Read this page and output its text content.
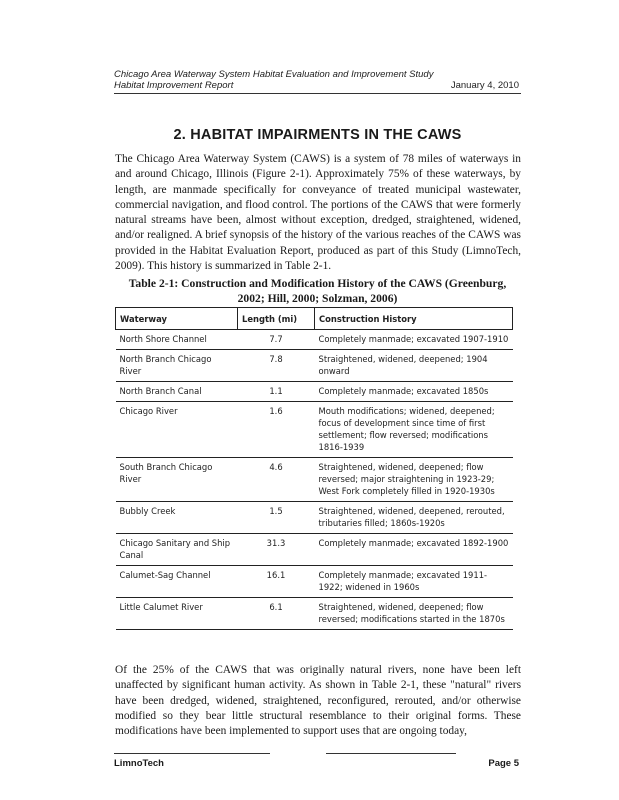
Chicago Area Waterway System Habitat Evaluation and Improvement Study
Habitat Improvement Report	January 4, 2010
2. HABITAT IMPAIRMENTS IN THE CAWS

The Chicago Area Waterway System (CAWS) is a system of 78 miles of waterways in and around Chicago, Illinois (Figure 2-1). Approximately 75% of these waterways, by length, are manmade specifically for conveyance of treated municipal wastewater, commercial navigation, and flood control. The portions of the CAWS that were formerly natural streams have been, almost without exception, dredged, straightened, widened, and/or realigned. A brief synopsis of the history of the various reaches of the CAWS was provided in the Habitat Evaluation Report, produced as part of this Study (LimnoTech, 2009). This history is summarized in Table 2-1.

Table 2-1: Construction and Modification History of the CAWS (Greenburg, 2002; Hill, 2000; Solzman, 2006)
Waterway	Length (mi)	Construction History
North Shore Channel	7.7	Completely manmade; excavated 1907-1910
North Branch Chicago River	7.8	Straightened, widened, deepened; 1904 onward
North Branch Canal	1.1	Completely manmade; excavated 1850s
Chicago River	1.6	Mouth modifications; widened, deepened; focus of development since time of first settlement; flow reversed; modifications 1816-1939
South Branch Chicago River	4.6	Straightened, widened, deepened; flow reversed; major straightening in 1923-29; West Fork completely filled in 1920-1930s
Bubbly Creek	1.5	Straightened, widened, deepened, rerouted, tributaries filled; 1860s-1920s
Chicago Sanitary and Ship Canal	31.3	Completely manmade; excavated 1892-1900
Calumet-Sag Channel	16.1	Completely manmade; excavated 1911-1922; widened in 1960s
Little Calumet River	6.1	Straightened, widened, deepened; flow reversed; modifications started in the 1870s

Of the 25% of the CAWS that was originally natural rivers, none have been left unaffected by significant human activity. As shown in Table 2-1, these "natural" rivers have been dredged, widened, straightened, reconfigured, rerouted, and/or otherwise modified so they bear little structural resemblance to their original forms. These modifications have been implemented to support uses that are ongoing today,

LimnoTech	Page 5
